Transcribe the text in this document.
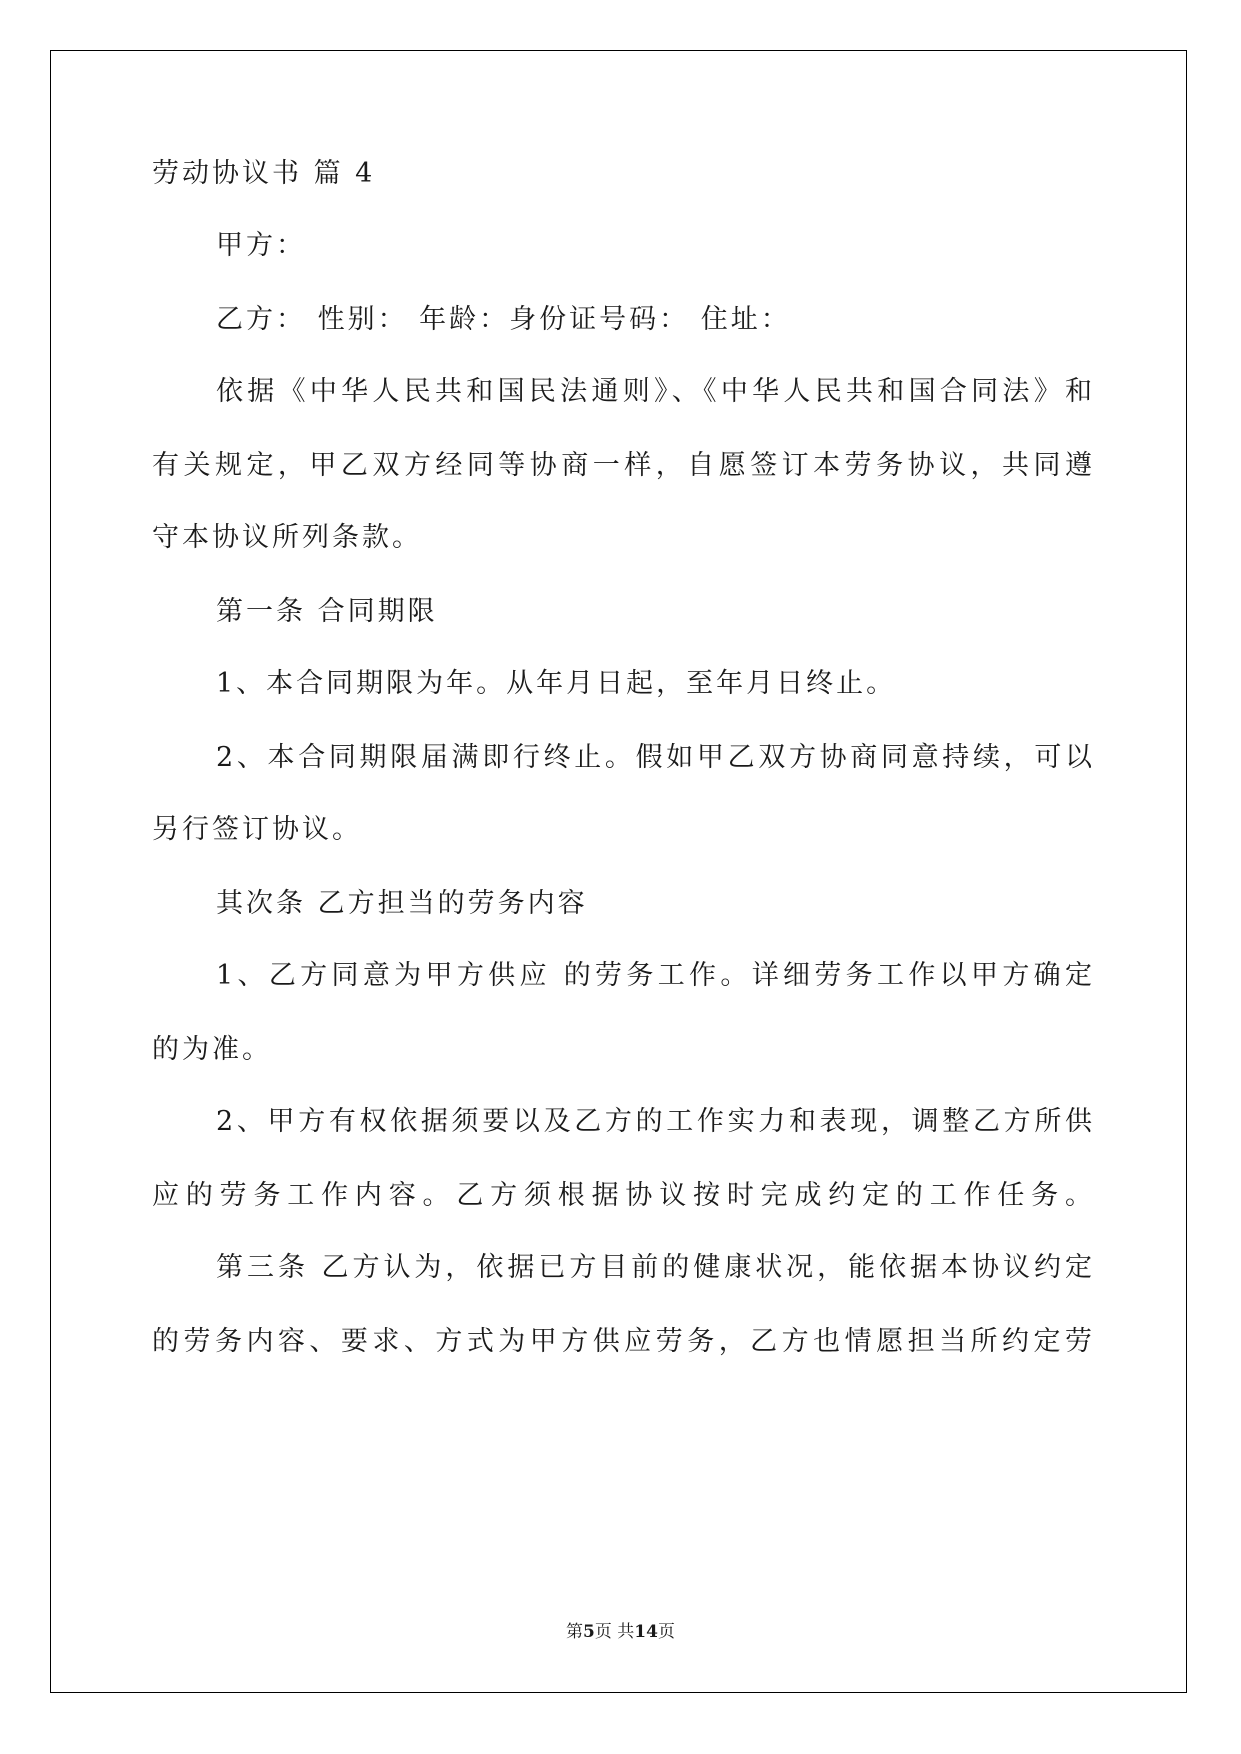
劳动协议书 篇 4
甲方：
乙方： 性别： 年龄：身份证号码： 住址：
依据《中华人民共和国民法通则》、《中华人民共和国合同法》和
有关规定，甲乙双方经同等协商一样，自愿签订本劳务协议，共同遵
守本协议所列条款。
第一条 合同期限
1、本合同期限为年。从年月日起，至年月日终止。
2、本合同期限届满即行终止。假如甲乙双方协商同意持续，可以
另行签订协议。
其次条 乙方担当的劳务内容
1、乙方同意为甲方供应 的劳务工作。详细劳务工作以甲方确定
的为准。
2、甲方有权依据须要以及乙方的工作实力和表现，调整乙方所供
应的劳务工作内容。乙方须根据协议按时完成约定的工作任务。
第三条 乙方认为，依据已方目前的健康状况，能依据本协议约定
的劳务内容、要求、方式为甲方供应劳务，乙方也情愿担当所约定劳
第5页 共14页
